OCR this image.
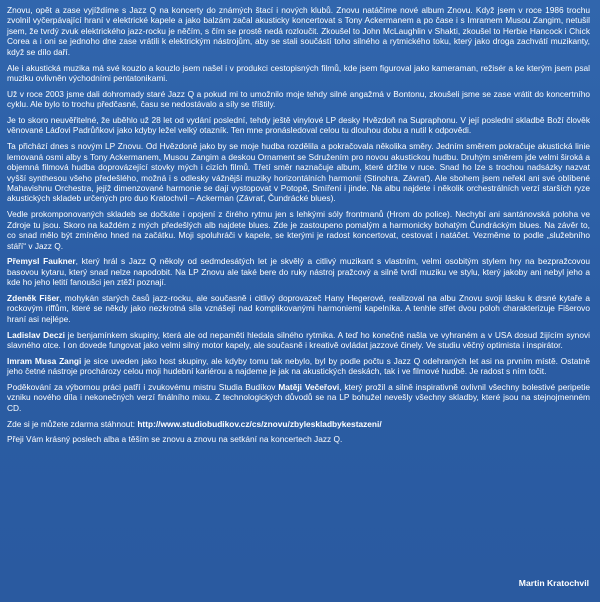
Znovu, opět a zase vyjíždíme s Jazz Q na koncerty do známých štací i nových klubů. Znovu natáčíme nové album Znovu. Když jsem v roce 1986 trochu zvolnil vyčerpávající hraní v elektrické kapele a jako balzám začal akusticky koncertovat s Tony Ackermanem a po čase i s Imramem Musou Zangim, netušil jsem, že tvrdý zvuk elektrického jazz-rocku je něčím, s čím se prostě nedá rozloučit. Zkoušel to John McLaughlin v Shakti, zkoušel to Herbie Hancock i Chick Corea a i oni se jednoho dne zase vrátili k elektrickým nástrojům, aby se stali součástí toho silného a rytmického toku, který jako droga zachvátí muzikanty, když se dílo daří.

Ale i akustická muzika má své kouzlo a kouzlo jsem našel i v produkci cestopisných filmů, kde jsem figuroval jako kameraman, režisér a ke kterým jsem psal muziku ovlivněn východními pentatonikami.

Už v roce 2003 jsme dali dohromady staré Jazz Q a pokud mi to umožnilo moje tehdy silné angažmá v Bontonu, zkoušeli jsme se zase vrátit do koncertního cyklu. Ale bylo to trochu předčasné, času se nedostávalo a síly se tříštily.

Je to skoro neuvěřitelné, že uběhlo už 28 let od vydání poslední, tehdy ještě vinylové LP desky Hvězdoň na Supraphonu. V její poslední skladbě Boží člověk věnované Láďovi Padrůňkovi jako kdyby ležel velký otazník. Ten mne pronásledoval celou tu dlouhou dobu a nutil k odpovědi.

Ta přichází dnes s novým LP Znovu. Od Hvězdoně jako by se moje hudba rozdělila a pokračovala několika směry. Jedním směrem pokračuje akustická linie lemovaná osmi alby s Tony Ackermanem, Musou Zangim a deskou Ornament se Sdružením pro novou akustickou hudbu. Druhým směrem jde velmi široká a objemná filmová hudba doprovázející stovky mých i cizích filmů. Třetí směr naznačuje album, které držíte v ruce. Snad ho lze s trochou nadsázky nazvat vyšší synthesou všeho předešlého, možná i s odlesky vážnější muziky horizontálních harmonií (Stinohra, Závrať). Ale sbohem jsem neřekl ani své oblíbené Mahavishnu Orchestra, jejíž dimenzované harmonie se dají vystopovat v Potopě, Smíření i jinde. Na albu najdete i několik orchestrálních verzí starších ryze akustických skladeb určených pro duo Kratochvíl – Ackerman (Závrať, Čundrácké blues).

Vedle prokomponovaných skladeb se dočkáte i opojení z čirého rytmu jen s lehkými sóly frontmanů (Hrom do police). Nechybí ani santánovská poloha ve Zdroje tu jsou. Skoro na každém z mých předešlých alb najdete blues. Zde je zastoupeno pomalým a harmonicky bohatým Čundráckým blues. Na závěr to, co snad mělo být zmíněno hned na začátku. Moji spoluhráči v kapele, se kterými je radost koncertovat, cestovat i natáčet. Vezměme to podle „služebního stáří“ v Jazz Q.

Přemysl Faukner, který hrál s Jazz Q několy od sedmdesátých let je skvělý a citlivý muzikant s vlastním, velmi osobitým stylem hry na bezpražcovou basovou kytaru, který snad nelze napodobit. Na LP Znovu ale také bere do ruky nástroj pražcový a silně tvrdí muziku ve stylu, který jakoby ani nebyl jeho a kde ho jeho letití fanoušci jen ztěží poznají.

Zdeněk Fišer, mohykán starých časů jazz-rocku, ale současně i citlivý doprovazeč Hany Hegerové, realizoval na albu Znovu svoji lásku k drsné kytaře a rockovým riffům, které se někdy jako nezkrotná síla vznášejí nad komplikovanými harmoniemi kapelníka. A tenhle střet dvou poloh charakterizuje Fišerovo hraní asi nejlépe.

Ladislav Deczi je benjamínkem skupiny, která ale od nepaměti hledala silného rytmika. A teď ho konečně našla ve vyhraném a v USA dosud žijícím synovi slavného otce. I on dovede fungovat jako velmi silný motor kapely, ale současně i kreativě ovládat jazzové činely. Ve studiu věčný optimista i inspirátor.

Imram Musa Zangi je sice uveden jako host skupiny, ale kdyby tomu tak nebylo, byl by podle počtu s Jazz Q odehraných let asi na prvním místě. Ostatně jeho četné nástroje prochározy celou moji hudební kariérou a najdeme je jak na akustických deskách, tak i ve filmové hudbě. Je radost s ním točit.

Poděkování za výbornou práci patří i zvukovému mistru Studia Budíkov Matěji Večeřovi, který prožil a silně inspirativně ovlivnil všechny bolestivé peripetie vzniku nového díla i nekonečných verzí finálního mixu. Z technologických důvodů se na LP bohužel nevešly všechny skladby, které jsou na stejnojmenném CD.

Zde si je můžete zdarma stáhnout: http://www.studiobudikov.cz/cs/znovu/zbyleskladbykestazeni/

Přeji Vám krásný poslech alba a těším se znovu a znovu na setkání na koncertech Jazz Q.

Martin Kratochvil
